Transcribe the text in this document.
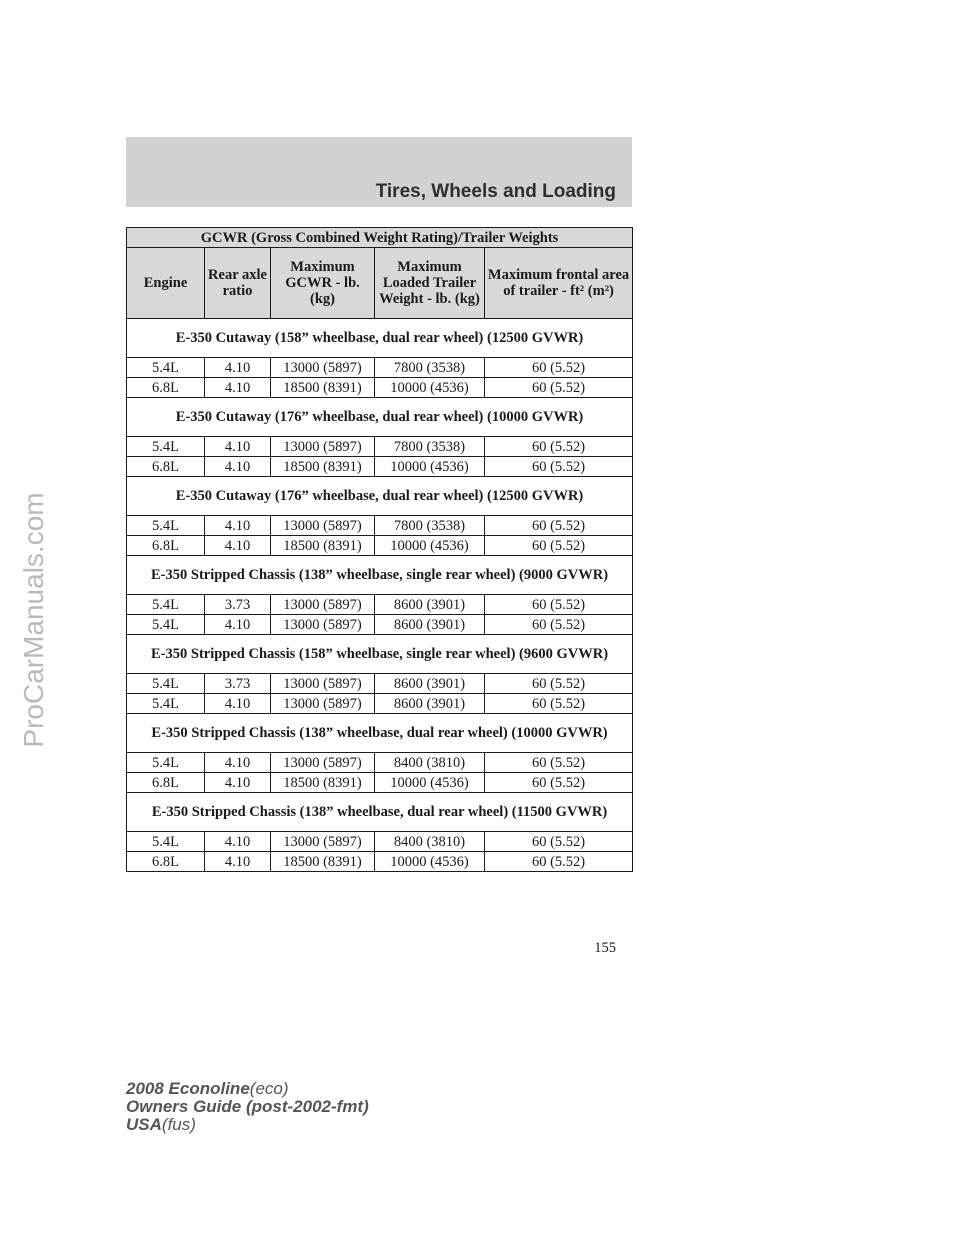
Tires, Wheels and Loading
GCWR (Gross Combined Weight Rating)/Trailer Weights				
Engine	Rear axle ratio	Maximum GCWR - lb. (kg)	Maximum Loaded Trailer Weight - lb. (kg)	Maximum frontal area of trailer - ft² (m²)
E-350 Cutaway (158” wheelbase, dual rear wheel) (12500 GVWR)				
5.4L	4.10	13000 (5897)	7800 (3538)	60 (5.52)
6.8L	4.10	18500 (8391)	10000 (4536)	60 (5.52)
E-350 Cutaway (176” wheelbase, dual rear wheel) (10000 GVWR)				
5.4L	4.10	13000 (5897)	7800 (3538)	60 (5.52)
6.8L	4.10	18500 (8391)	10000 (4536)	60 (5.52)
E-350 Cutaway (176” wheelbase, dual rear wheel) (12500 GVWR)				
5.4L	4.10	13000 (5897)	7800 (3538)	60 (5.52)
6.8L	4.10	18500 (8391)	10000 (4536)	60 (5.52)
E-350 Stripped Chassis (138” wheelbase, single rear wheel) (9000 GVWR)				
5.4L	3.73	13000 (5897)	8600 (3901)	60 (5.52)
5.4L	4.10	13000 (5897)	8600 (3901)	60 (5.52)
E-350 Stripped Chassis (158” wheelbase, single rear wheel) (9600 GVWR)				
5.4L	3.73	13000 (5897)	8600 (3901)	60 (5.52)
5.4L	4.10	13000 (5897)	8600 (3901)	60 (5.52)
E-350 Stripped Chassis (138” wheelbase, dual rear wheel) (10000 GVWR)				
5.4L	4.10	13000 (5897)	8400 (3810)	60 (5.52)
6.8L	4.10	18500 (8391)	10000 (4536)	60 (5.52)
E-350 Stripped Chassis (138” wheelbase, dual rear wheel) (11500 GVWR)				
5.4L	4.10	13000 (5897)	8400 (3810)	60 (5.52)
6.8L	4.10	18500 (8391)	10000 (4536)	60 (5.52)
155
2008 Econoline(eco)
Owners Guide (post-2002-fmt)
USA(fus)
ProCarManuals.com
